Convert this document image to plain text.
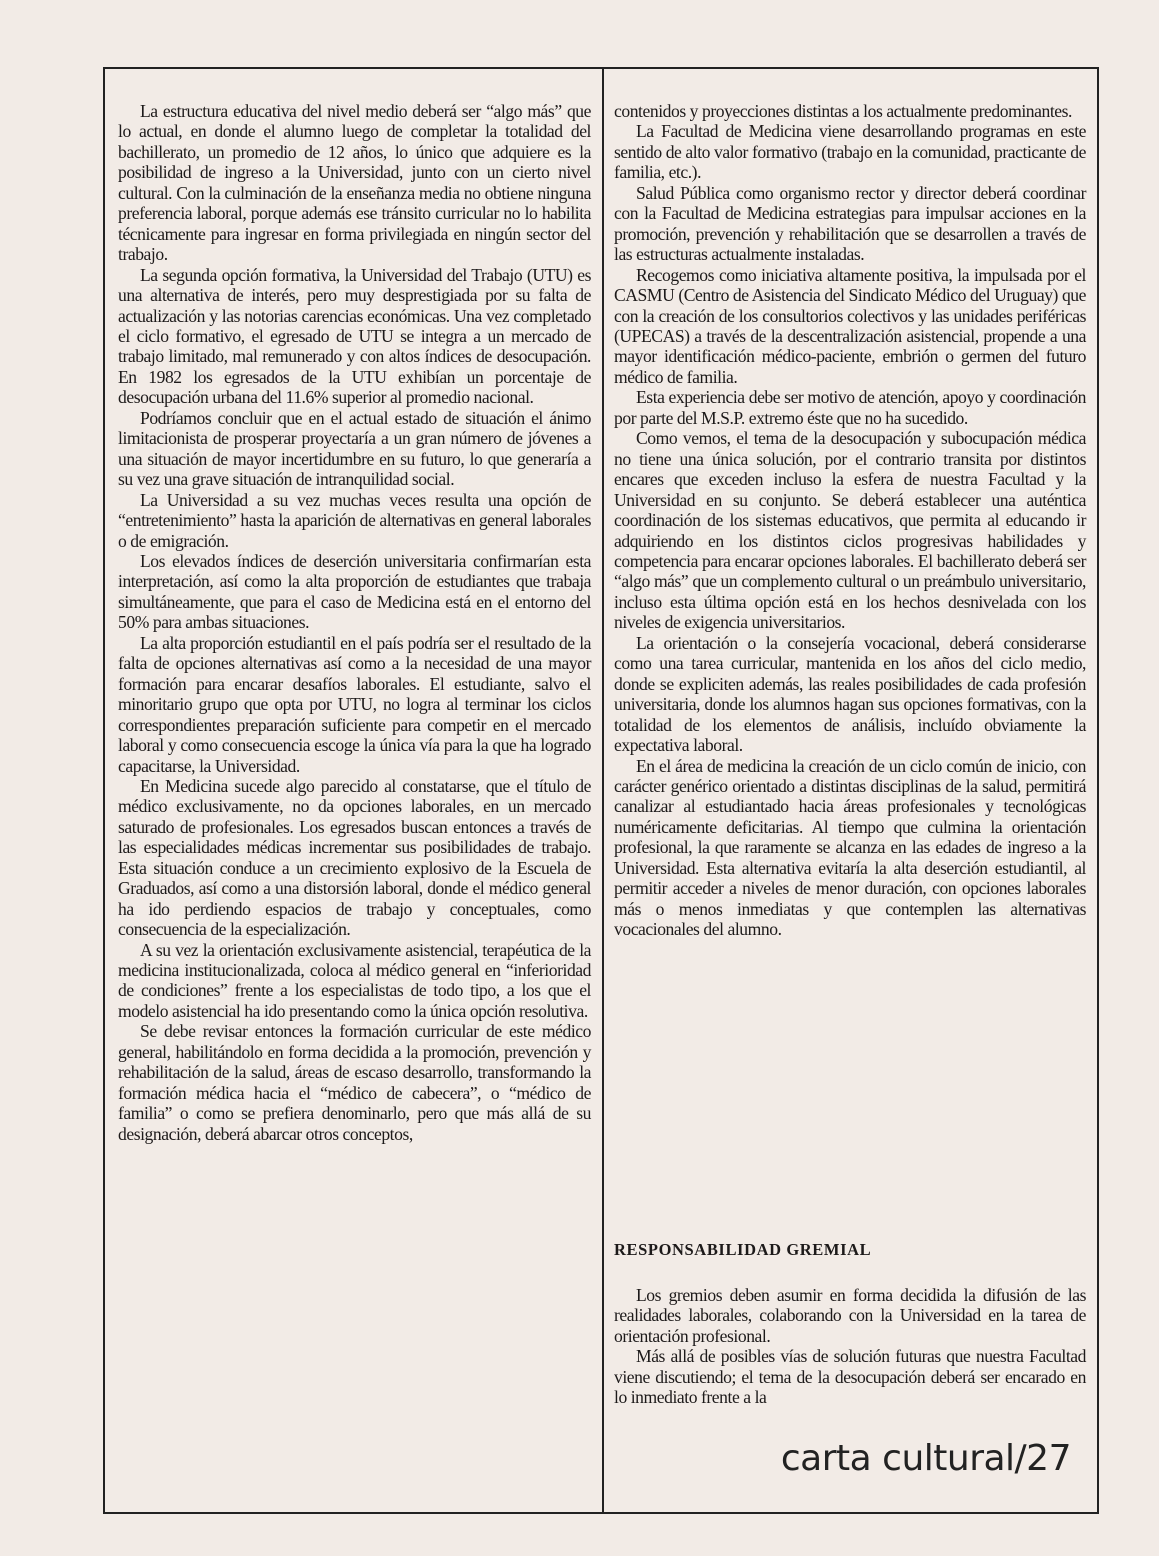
La estructura educativa del nivel medio deberá ser “algo más” que lo actual, en donde el alumno luego de completar la totalidad del bachillerato, un promedio de 12 años, lo único que adquiere es la posibilidad de ingreso a la Universidad, junto con un cierto nivel cultural. Con la culminación de la enseñanza media no obtiene ninguna preferencia laboral, porque además ese tránsito curricular no lo habilita técnicamente para ingresar en forma privilegiada en ningún sector del trabajo.

La segunda opción formativa, la Universidad del Trabajo (UTU) es una alternativa de interés, pero muy desprestigiada por su falta de actualización y las notorias carencias económicas. Una vez completado el ciclo formativo, el egresado de UTU se integra a un mercado de trabajo limitado, mal remunerado y con altos índices de desocupación. En 1982 los egresados de la UTU exhibían un porcentaje de desocupación urbana del 11.6% superior al promedio nacional.

Podríamos concluir que en el actual estado de situación el ánimo limitacionista de prosperar proyectaría a un gran número de jóvenes a una situación de mayor incertidumbre en su futuro, lo que generaría a su vez una grave situación de intranquilidad social.

La Universidad a su vez muchas veces resulta una opción de “entretenimiento” hasta la aparición de alternativas en general laborales o de emigración.

Los elevados índices de deserción universitaria confirmarían esta interpretación, así como la alta proporción de estudiantes que trabaja simultáneamente, que para el caso de Medicina está en el entorno del 50% para ambas situaciones.

La alta proporción estudiantil en el país podría ser el resultado de la falta de opciones alternativas así como a la necesidad de una mayor formación para encarar desafíos laborales. El estudiante, salvo el minoritario grupo que opta por UTU, no logra al terminar los ciclos correspondientes preparación suficiente para competir en el mercado laboral y como consecuencia escoge la única vía para la que ha logrado capacitarse, la Universidad.

En Medicina sucede algo parecido al constatarse, que el título de médico exclusivamente, no da opciones laborales, en un mercado saturado de profesionales. Los egresados buscan entonces a través de las especialidades médicas incrementar sus posibilidades de trabajo. Esta situación conduce a un crecimiento explosivo de la Escuela de Graduados, así como a una distorsión laboral, donde el médico general ha ido perdiendo espacios de trabajo y conceptuales, como consecuencia de la especialización.

A su vez la orientación exclusivamente asistencial, terapéutica de la medicina institucionalizada, coloca al médico general en “inferioridad de condiciones” frente a los especialistas de todo tipo, a los que el modelo asistencial ha ido presentando como la única opción resolutiva.

Se debe revisar entonces la formación curricular de este médico general, habilitándolo en forma decidida a la promoción, prevención y rehabilitación de la salud, áreas de escaso desarrollo, transformando la formación médica hacia el “médico de cabecera”, o “médico de familia” o como se prefiera denominarlo, pero que más allá de su designación, deberá abarcar otros conceptos,

contenidos y proyecciones distintas a los actualmente predominantes.

La Facultad de Medicina viene desarrollando programas en este sentido de alto valor formativo (trabajo en la comunidad, practicante de familia, etc.).

Salud Pública como organismo rector y director deberá coordinar con la Facultad de Medicina estrategias para impulsar acciones en la promoción, prevención y rehabilitación que se desarrollen a través de las estructuras actualmente instaladas.

Recogemos como iniciativa altamente positiva, la impulsada por el CASMU (Centro de Asistencia del Sindicato Médico del Uruguay) que con la creación de los consultorios colectivos y las unidades periféricas (UPECAS) a través de la descentralización asistencial, propende a una mayor identificación médico-paciente, embrión o germen del futuro médico de familia.

Esta experiencia debe ser motivo de atención, apoyo y coordinación por parte del M.S.P. extremo éste que no ha sucedido.

Como vemos, el tema de la desocupación y subocupación médica no tiene una única solución, por el contrario transita por distintos encares que exceden incluso la esfera de nuestra Facultad y la Universidad en su conjunto. Se deberá establecer una auténtica coordinación de los sistemas educativos, que permita al educando ir adquiriendo en los distintos ciclos progresivas habilidades y competencia para encarar opciones laborales. El bachillerato deberá ser “algo más” que un complemento cultural o un preámbulo universitario, incluso esta última opción está en los hechos desnivelada con los niveles de exigencia universitarios.

La orientación o la consejería vocacional, deberá considerarse como una tarea curricular, mantenida en los años del ciclo medio, donde se expliciten además, las reales posibilidades de cada profesión universitaria, donde los alumnos hagan sus opciones formativas, con la totalidad de los elementos de análisis, incluído obviamente la expectativa laboral.

En el área de medicina la creación de un ciclo común de inicio, con carácter genérico orientado a distintas disciplinas de la salud, permitirá canalizar al estudiantado hacia áreas profesionales y tecnológicas numéricamente deficitarias. Al tiempo que culmina la orientación profesional, la que raramente se alcanza en las edades de ingreso a la Universidad. Esta alternativa evitaría la alta deserción estudiantil, al permitir acceder a niveles de menor duración, con opciones laborales más o menos inmediatas y que contemplen las alternativas vocacionales del alumno.

RESPONSABILIDAD GREMIAL

Los gremios deben asumir en forma decidida la difusión de las realidades laborales, colaborando con la Universidad en la tarea de orientación profesional.

Más allá de posibles vías de solución futuras que nuestra Facultad viene discutiendo; el tema de la desocupación deberá ser encarado en lo inmediato frente a la

carta cultural/27
